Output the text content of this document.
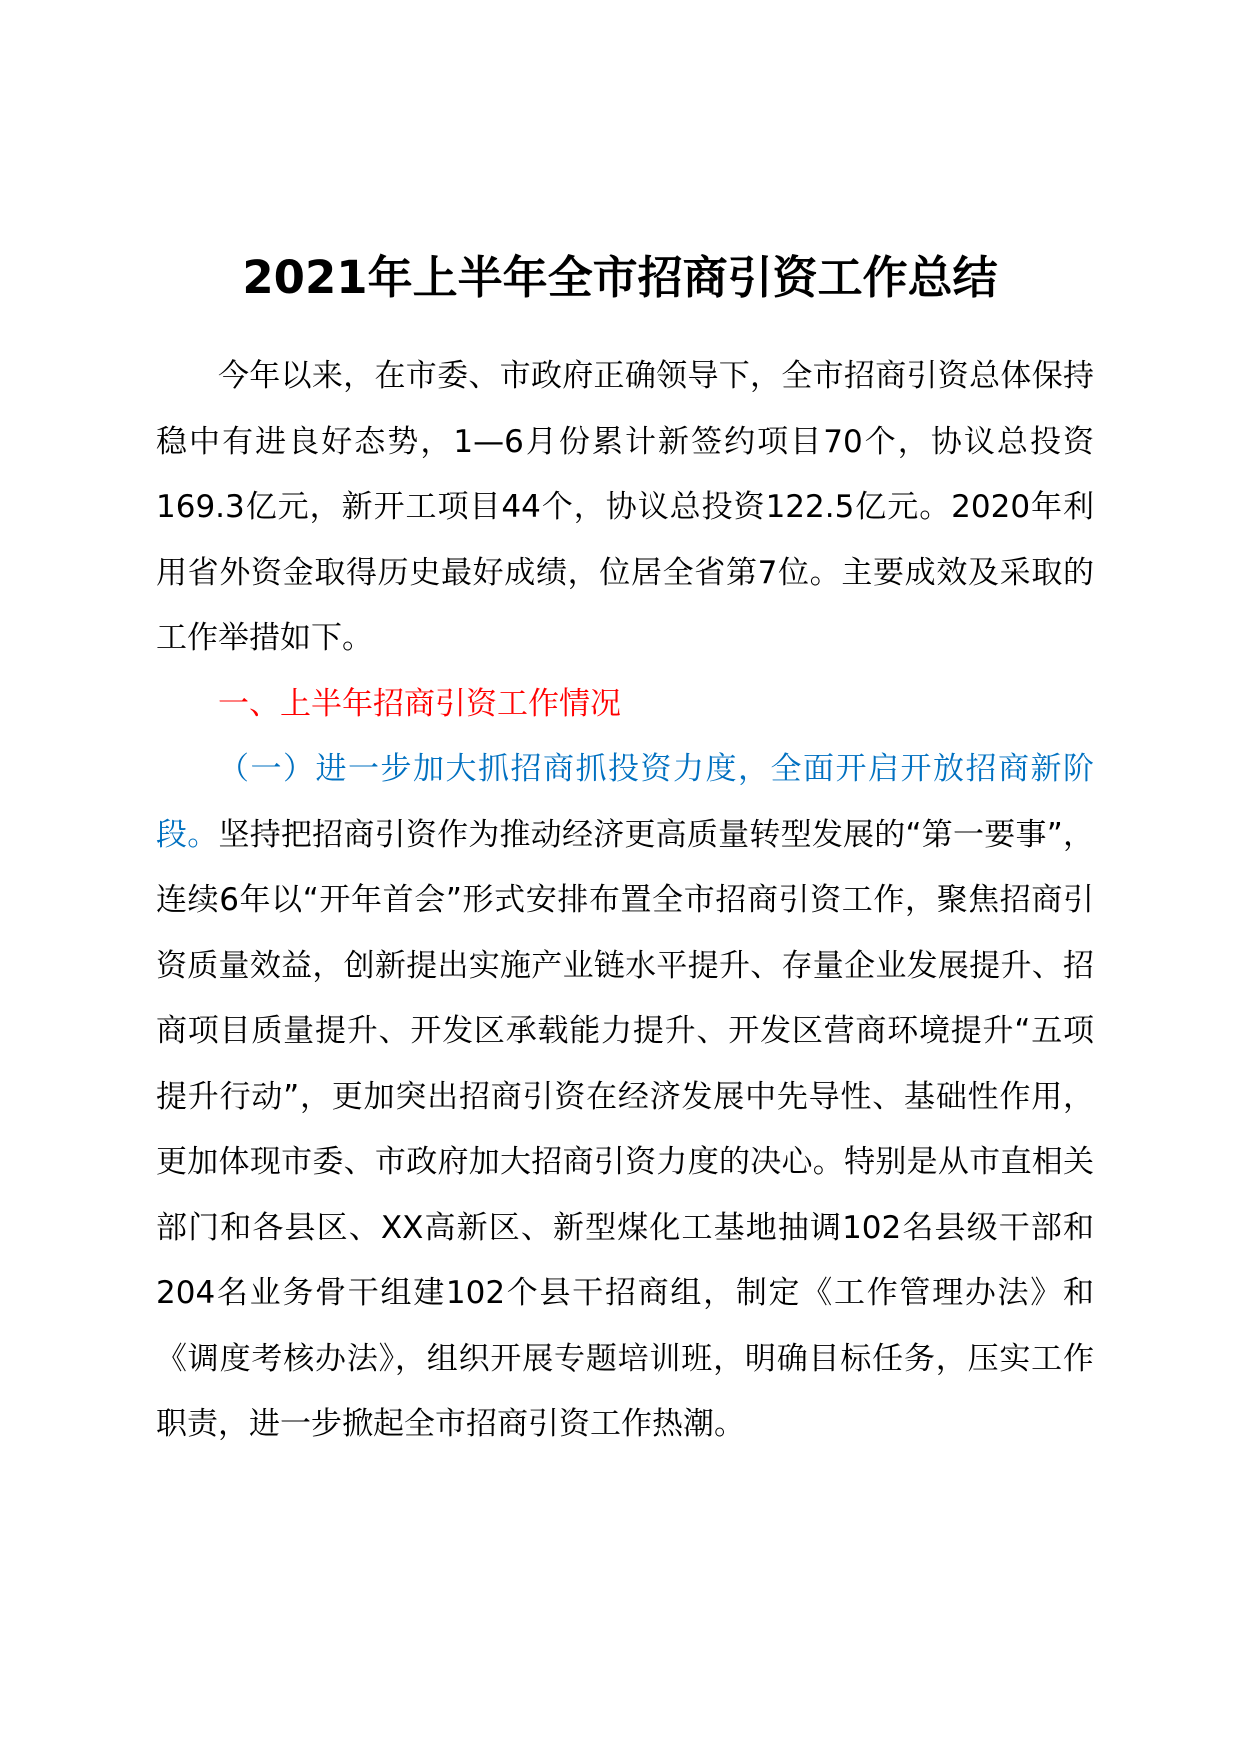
2021年上半年全市招商引资工作总结

今年以来，在市委、市政府正确领导下，全市招商引资总体保持稳中有进良好态势，1—6月份累计新签约项目70个，协议总投资169.3亿元，新开工项目44个，协议总投资122.5亿元。2020年利用省外资金取得历史最好成绩，位居全省第7位。主要成效及采取的工作举措如下。

一、上半年招商引资工作情况

（一）进一步加大抓招商抓投资力度，全面开启开放招商新阶段。坚持把招商引资作为推动经济更高质量转型发展的“第一要事”，连续6年以“开年首会”形式安排布置全市招商引资工作，聚焦招商引资质量效益，创新提出实施产业链水平提升、存量企业发展提升、招商项目质量提升、开发区承载能力提升、开发区营商环境提升“五项提升行动”，更加突出招商引资在经济发展中先导性、基础性作用，更加体现市委、市政府加大招商引资力度的决心。特别是从市直相关部门和各县区、XX高新区、新型煤化工基地抽调102名县级干部和204名业务骨干组建102个县干招商组，制定《工作管理办法》和《调度考核办法》，组织开展专题培训班，明确目标任务，压实工作职责，进一步掀起全市招商引资工作热潮。
